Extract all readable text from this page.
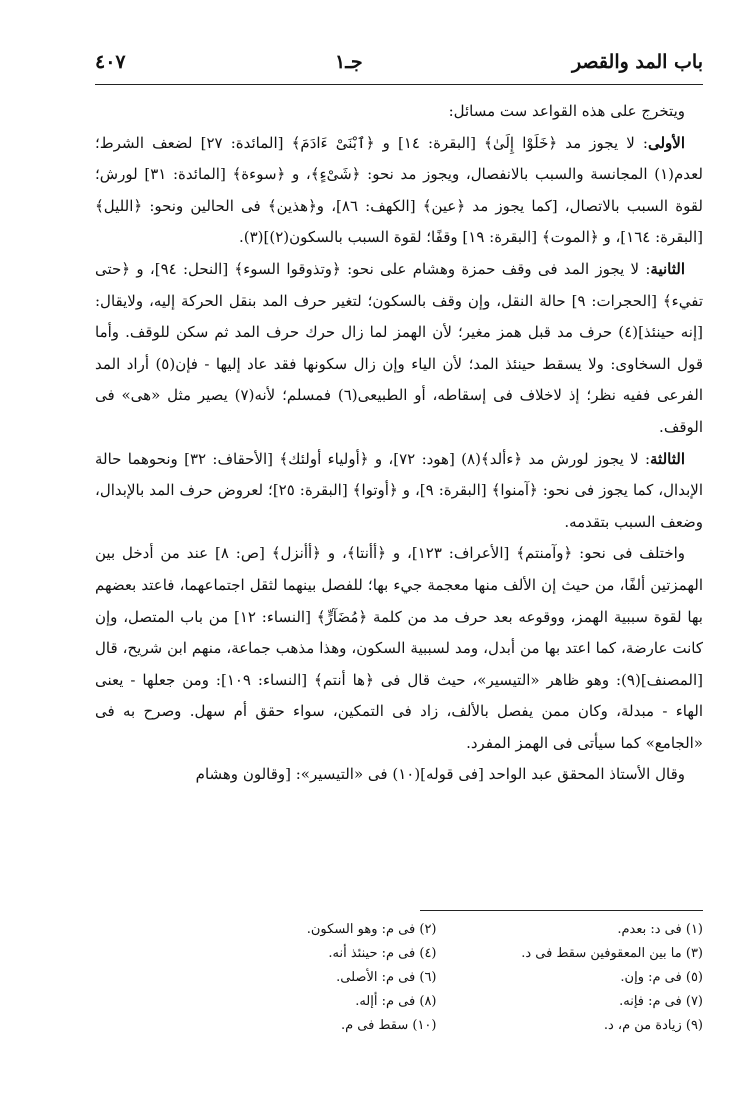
باب المد والقصر
جـ١
٤٠٧

ويتخرج على هذه القواعد ست مسائل:

الأولى: لا يجوز مد ﴿خَلَوْا إِلَىٰ﴾ [البقرة: ١٤] و ﴿ٱبْنَىْ ءَادَمَ﴾ [المائدة: ٢٧] لضعف الشرط؛ لعدم(١) المجانسة والسبب بالانفصال، ويجوز مد نحو: ﴿شَىْءٍ﴾، و ﴿سوءة﴾ [المائدة: ٣١] لورش؛ لقوة السبب بالاتصال، [كما يجوز مد ﴿عين﴾ [الكهف: ٨٦]، و﴿هذين﴾ فى الحالين ونحو: ﴿الليل﴾ [البقرة: ١٦٤]، و ﴿الموت﴾ [البقرة: ١٩] وقفًا؛ لقوة السبب بالسكون(٢)](٣).

الثانية: لا يجوز المد فى وقف حمزة وهشام على نحو: ﴿وتذوقوا السوء﴾ [النحل: ٩٤]، و ﴿حتى تفيء﴾ [الحجرات: ٩] حالة النقل، وإن وقف بالسكون؛ لتغير حرف المد بنقل الحركة إليه، ولايقال: [إنه حينئذ](٤) حرف مد قبل همز مغير؛ لأن الهمز لما زال حرك حرف المد ثم سكن للوقف. وأما قول السخاوى: ولا يسقط حينئذ المد؛ لأن الياء وإن زال سكونها فقد عاد إليها - فإن(٥) أراد المد الفرعى ففيه نظر؛ إذ لاخلاف فى إسقاطه، أو الطبيعى(٦) فمسلم؛ لأنه(٧) يصير مثل «هى» فى الوقف.

الثالثة: لا يجوز لورش مد ﴿ءألد﴾(٨) [هود: ٧٢]، و ﴿أولياء أولئك﴾ [الأحقاف: ٣٢] ونحوهما حالة الإبدال، كما يجوز فى نحو: ﴿آمنوا﴾ [البقرة: ٩]، و ﴿أوتوا﴾ [البقرة: ٢٥]؛ لعروض حرف المد بالإبدال، وضعف السبب بتقدمه.

واختلف فى نحو: ﴿وآمنتم﴾ [الأعراف: ١٢٣]، و ﴿أأنتا﴾، و ﴿أأنزل﴾ [ص: ٨] عند من أدخل بين الهمزتين ألفًا، من حيث إن الألف منها معجمة جيء بها؛ للفصل بينهما لثقل اجتماعهما، فاعتد بعضهم بها لقوة سببية الهمز، ووقوعه بعد حرف مد من كلمة ﴿مُضَآرٍّ﴾ [النساء: ١٢] من باب المتصل، وإن كانت عارضة، كما اعتد بها من أبدل، ومد لسببية السكون، وهذا مذهب جماعة، منهم ابن شريح، قال [المصنف](٩): وهو ظاهر «التيسير»، حيث قال فى ﴿ها أنتم﴾ [النساء: ١٠٩]: ومن جعلها - يعنى الهاء - مبدلة، وكان ممن يفصل بالألف، زاد فى التمكين، سواء حقق أم سهل. وصرح به فى «الجامع» كما سيأتى فى الهمز المفرد.

وقال الأستاذ المحقق عبد الواحد [فى قوله](١٠) فى «التيسير»: [وقالون وهشام

(١) فى د: بعدم.
(٢) فى م: وهو السكون.
(٣) ما بين المعقوفين سقط فى د.
(٤) فى م: حينئذ أنه.
(٥) فى م: وإن.
(٦) فى م: الأصلى.
(٧) فى م: فإنه.
(٨) فى م: أإله.
(٩) زيادة من م، د.
(١٠) سقط فى م.
